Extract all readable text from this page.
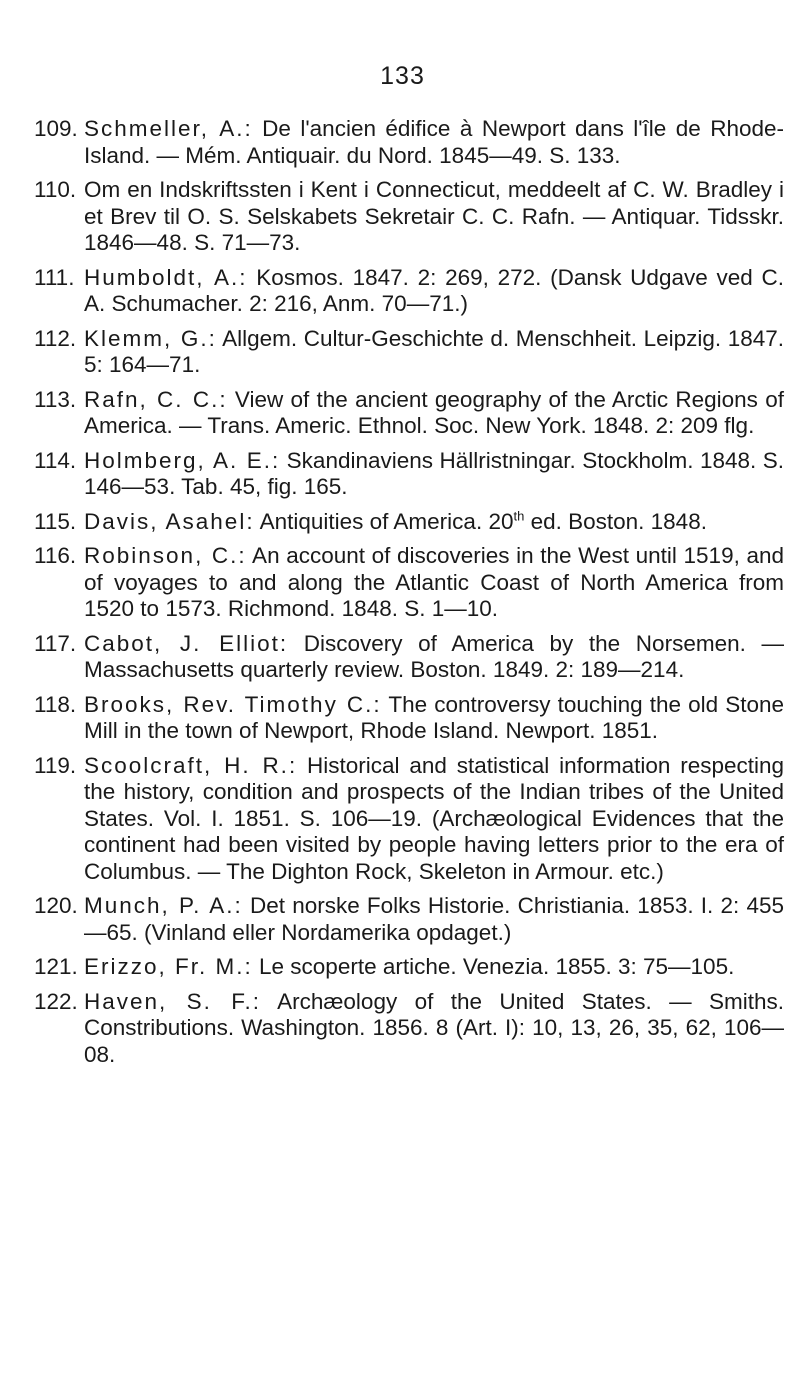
133
109. Schmeller, A.: De l'ancien édifice à Newport dans l'île de Rhode-Island. — Mém. Antiquair. du Nord. 1845—49. S. 133.
110. Om en Indskriftssten i Kent i Connecticut, meddeelt af C. W. Bradley i et Brev til O. S. Selskabets Sekretair C. C. Rafn. — Antiquar. Tidsskr. 1846—48. S. 71—73.
111. Humboldt, A.: Kosmos. 1847. 2: 269, 272. (Dansk Udgave ved C. A. Schumacher. 2: 216, Anm. 70—71.)
112. Klemm, G.: Allgem. Cultur-Geschichte d. Menschheit. Leipzig. 1847. 5: 164—71.
113. Rafn, C. C.: View of the ancient geography of the Arctic Regions of America. — Trans. Americ. Ethnol. Soc. New York. 1848. 2: 209 flg.
114. Holmberg, A. E.: Skandinaviens Hällristningar. Stockholm. 1848. S. 146—53. Tab. 45, fig. 165.
115. Davis, Asahel: Antiquities of America. 20th ed. Boston. 1848.
116. Robinson, C.: An account of discoveries in the West until 1519, and of voyages to and along the Atlantic Coast of North America from 1520 to 1573. Richmond. 1848. S. 1—10.
117. Cabot, J. Elliot: Discovery of America by the Norsemen. — Massachusetts quarterly review. Boston. 1849. 2: 189—214.
118. Brooks, Rev. Timothy C.: The controversy touching the old Stone Mill in the town of Newport, Rhode Island. Newport. 1851.
119. Scoolcraft, H. R.: Historical and statistical information respecting the history, condition and prospects of the Indian tribes of the United States. Vol. I. 1851. S. 106—19. (Archæological Evidences that the continent had been visited by people having letters prior to the era of Columbus. — The Dighton Rock, Skeleton in Armour. etc.)
120. Munch, P. A.: Det norske Folks Historie. Christiania. 1853. I. 2: 455—65. (Vinland eller Nordamerika opdaget.)
121. Erizzo, Fr. M.: Le scoperte artiche. Venezia. 1855. 3: 75—105.
122. Haven, S. F.: Archæology of the United States. — Smiths. Constributions. Washington. 1856. 8 (Art. I): 10, 13, 26, 35, 62, 106—08.
